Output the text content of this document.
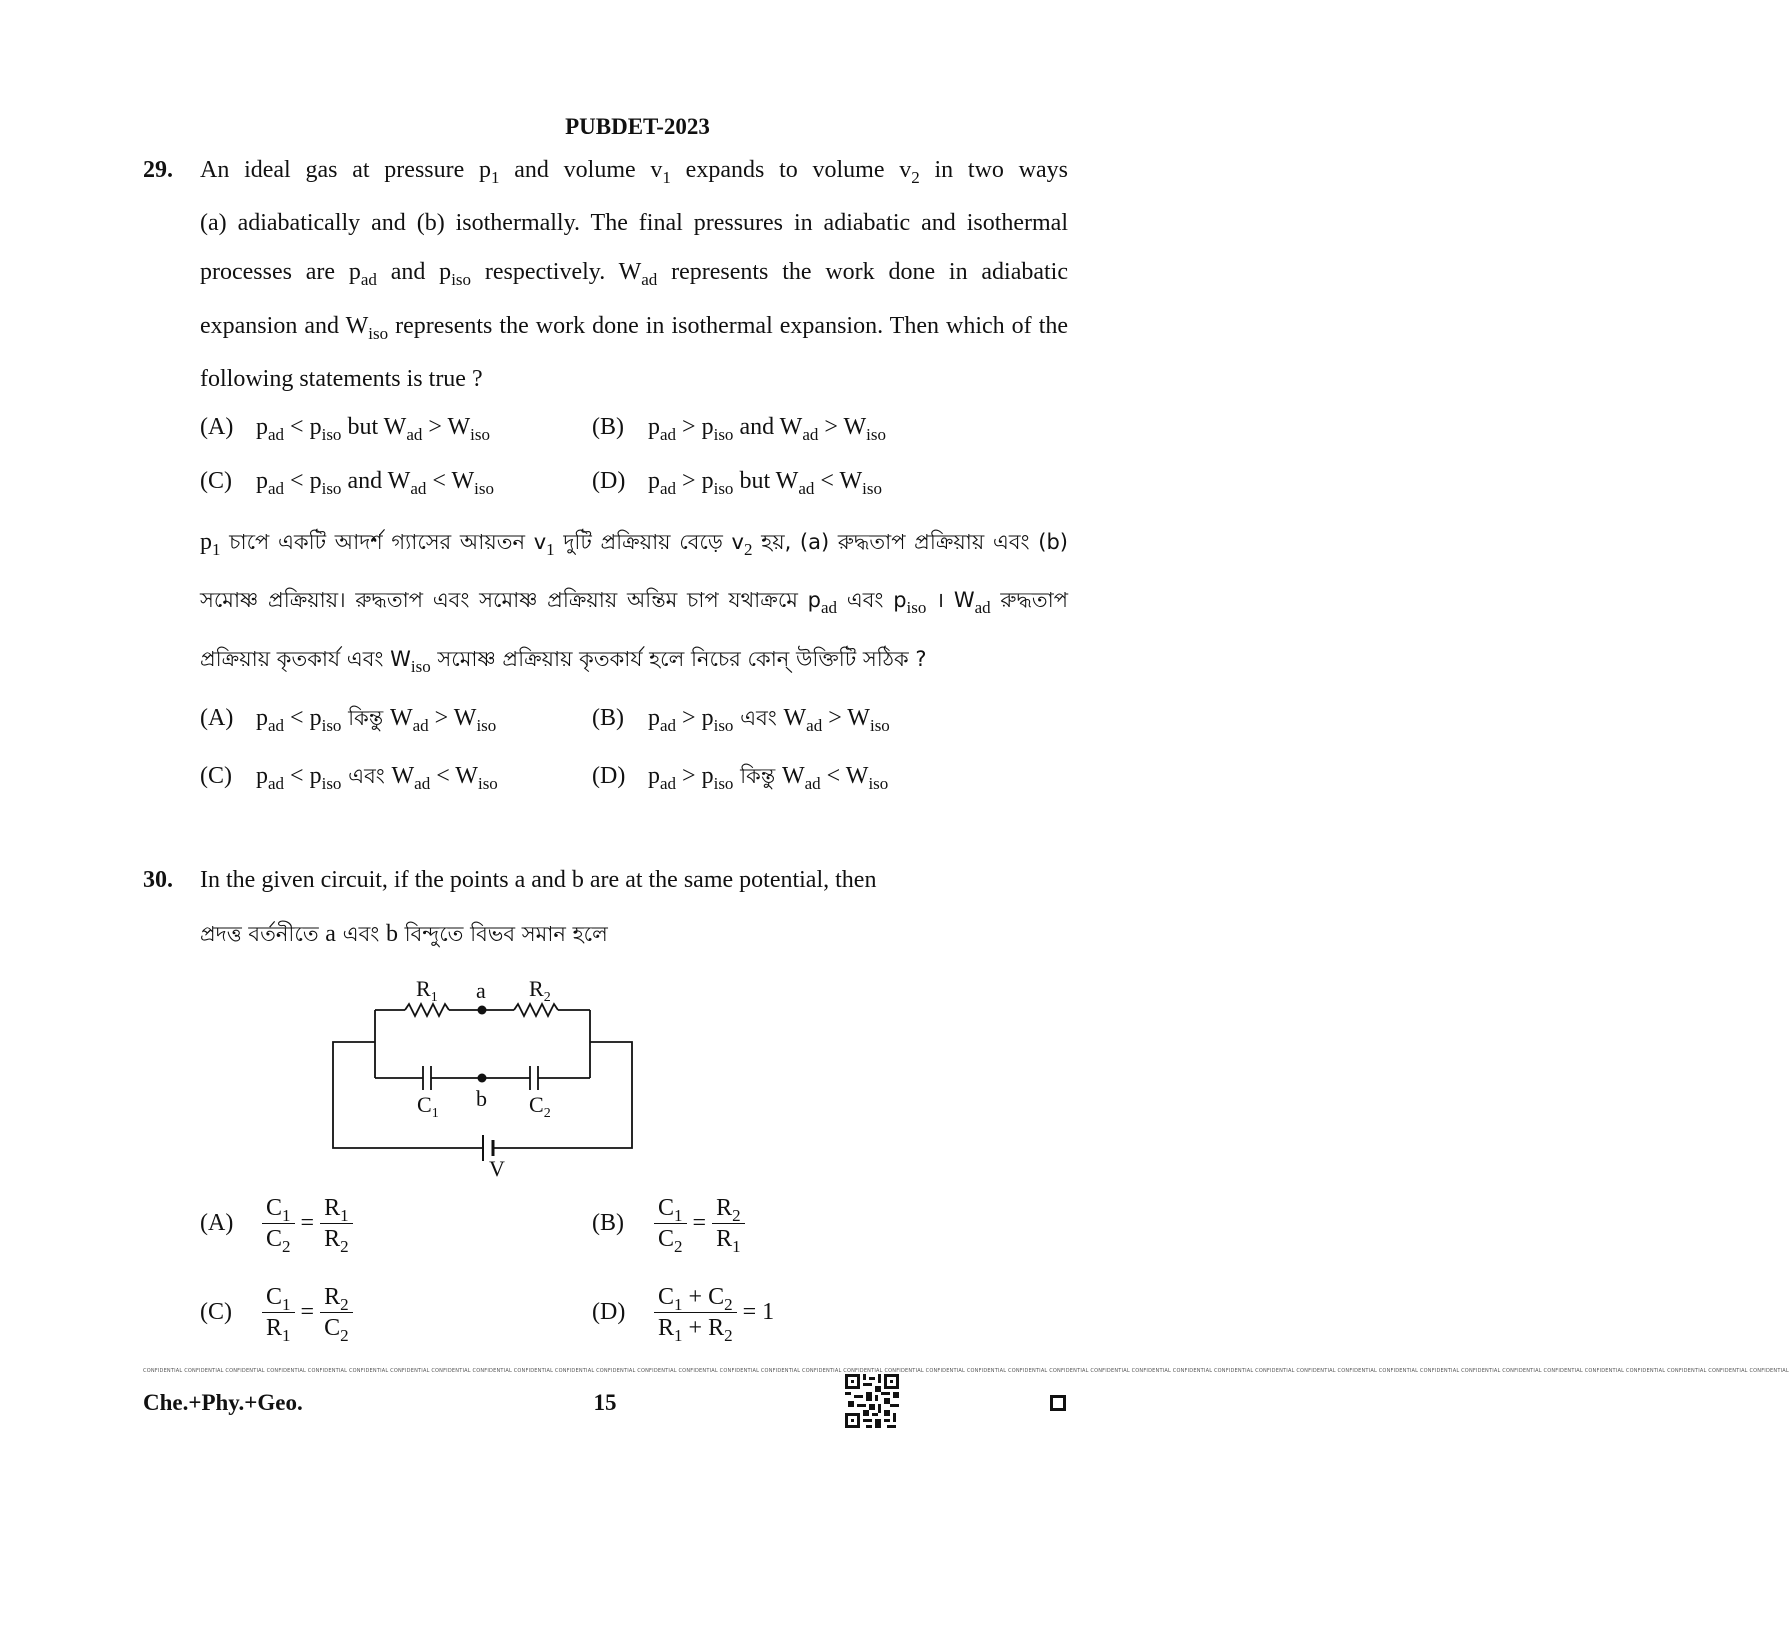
PUBDET-2023
29. An ideal gas at pressure $p_1$ and volume $v_1$ expands to volume $v_2$ in two ways
(a) adiabatically and (b) isothermally. The final pressures in adiabatic and isothermal
processes are $p_{ad}$ and $p_{iso}$ respectively. $W_{ad}$ represents the work done in adiabatic
expansion and $W_{iso}$ represents the work done in isothermal expansion. Then which of the
following statements is true ?
(A) $p_{ad} < p_{iso}$ but $W_{ad} > W_{iso}$	(B) $p_{ad} > p_{iso}$ and $W_{ad} > W_{iso}$
(C) $p_{ad} < p_{iso}$ and $W_{ad} < W_{iso}$	(D) $p_{ad} > p_{iso}$ but $W_{ad} < W_{iso}$
$p_1$ চাপে একটি আদর্শ গ্যাসের আয়তন $v_1$ দুটি প্রক্রিয়ায় বেড়ে $v_2$ হয়, (a) রুদ্ধতাপ প্রক্রিয়ায় এবং (b)
সমোষ্ণ প্রক্রিয়ায়। রুদ্ধতাপ এবং সমোষ্ণ প্রক্রিয়ায় অন্তিম চাপ যথাক্রমে $p_{ad}$ এবং $p_{iso}$ । $W_{ad}$ রুদ্ধতাপ
প্রক্রিয়ায় কৃতকার্য এবং $W_{iso}$ সমোষ্ণ প্রক্রিয়ায় কৃতকার্য হলে নিচের কোন্ উক্তিটি সঠিক ?
(A) $p_{ad} < p_{iso}$ কিন্তু $W_{ad} > W_{iso}$	(B) $p_{ad} > p_{iso}$ এবং $W_{ad} > W_{iso}$
(C) $p_{ad} < p_{iso}$ এবং $W_{ad} < W_{iso}$	(D) $p_{ad} > p_{iso}$ কিন্তু $W_{ad} < W_{iso}$
30. In the given circuit, if the points a and b are at the same potential, then
প্রদত্ত বর্তনীতে a এবং b বিন্দুতে বিভব সমান হলে
$R_1$ a $R_2$
$C_1$
b $C_2$
V
(A)	$\frac{C_1}{C_2} = \frac{R_1}{R_2}$	(B)	$\frac{C_1}{C_2} = \frac{R_2}{R_1}$
(C)	$\frac{C_1}{R_1} = \frac{R_2}{C_2}$	(D)	$\frac{C_1 + C_2}{R_1 + R_2} = 1$
CONFIDENTIAL CONFIDENTIAL CONFIDENTIAL CONFIDENTIAL CONFIDENTIAL CONFIDENTIAL CONFIDENTIAL CONFIDENTIAL CONFIDENTIAL CONFIDENTIAL CONFIDENTIAL CONFIDENTIAL CONFIDENTIAL CONFIDENTIAL CONFIDENTIAL CONFIDENTIAL CONFIDENTIAL CONFIDENTIAL CONFIDENTIAL CONFIDENTIAL CONFIDENTIAL CONFIDENTIAL CONFIDENTIAL CONFIDENTIAL CONFIDENTIAL CONFIDENTIAL CONFIDENTIAL CONFIDENTIAL CONFIDENTIAL CONFIDENTIAL CONFIDENTIAL CONFIDENTIAL CONFIDENTIAL CONFIDENTIAL CONFIDENTIAL CONFIDENTIAL CONFIDENTIAL CONFIDENTIAL CONFIDENTIAL CONFIDENTIAL
Che.+Phy.+Geo.	15
